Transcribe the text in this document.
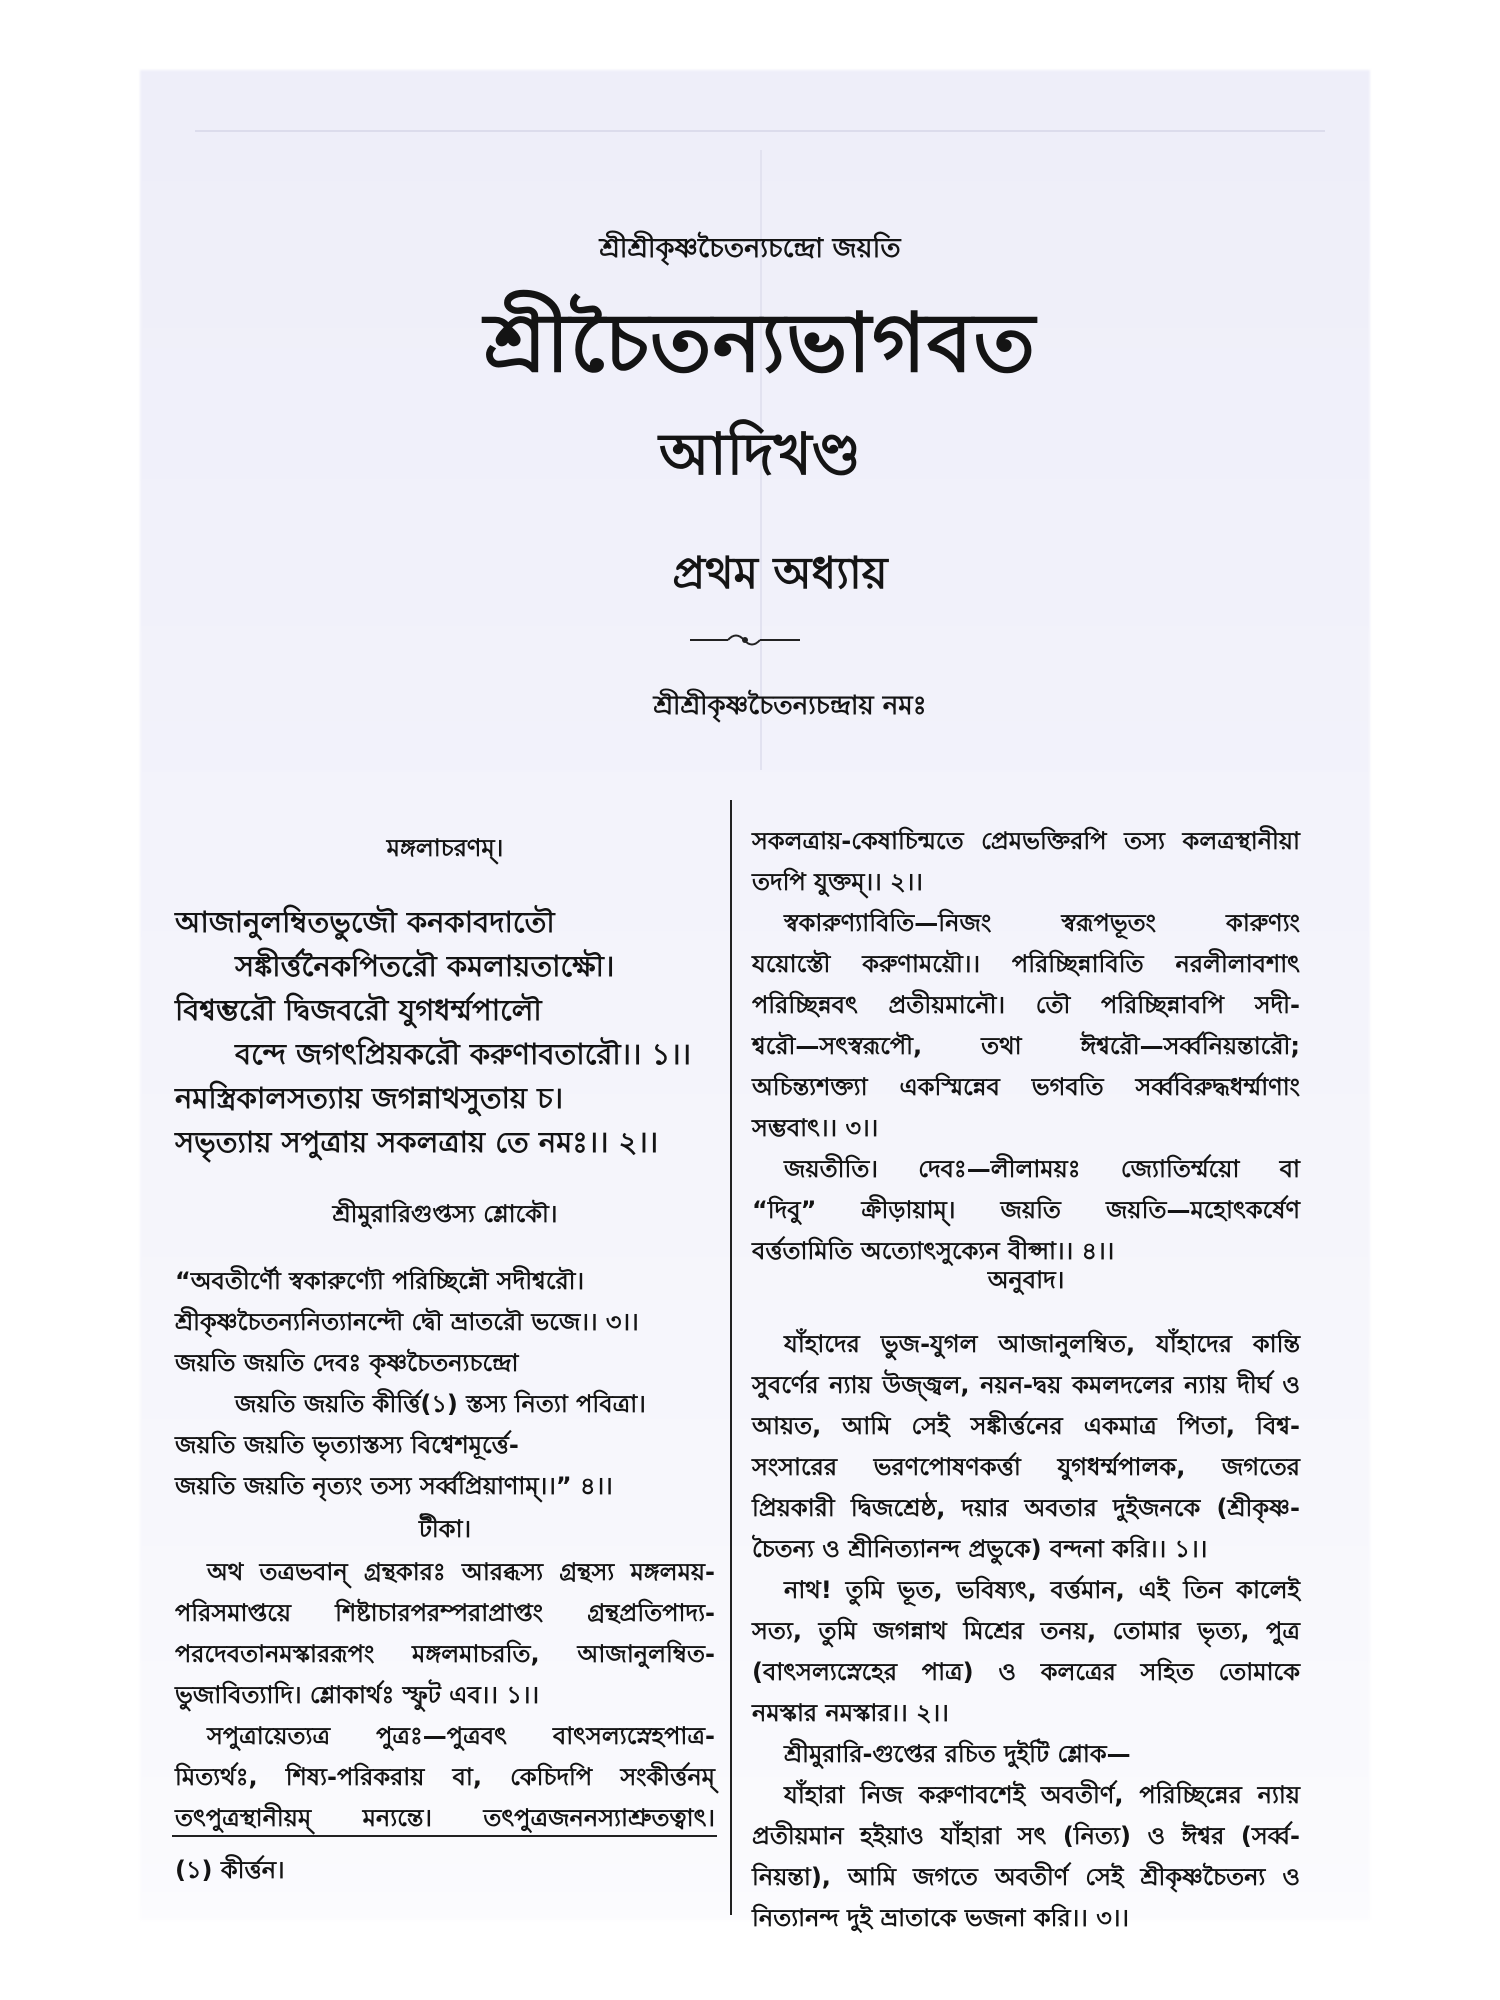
শ্রীশ্রীকৃষ্ণচৈতন্যচন্দ্রো জয়তি
শ্রীচৈতন্যভাগবত
আদিখণ্ড
প্রথম অধ্যায়
শ্রীশ্রীকৃষ্ণচৈতন্যচন্দ্রায় নমঃ
মঙ্গলাচরণম্।
আজানুলম্বিতভুজৌ কনকাবদাতৌ
সঙ্কীর্ত্তনৈকপিতরৌ কমলায়তাক্ষৌ।
বিশ্বম্ভরৌ দ্বিজবরৌ যুগধর্ম্মপালৌ
বন্দে জগৎপ্রিয়করৌ করুণাবতারৌ।। ১।।
নমস্ত্রিকালসত্যায় জগন্নাথসুতায় চ।
সভৃত্যায় সপুত্রায় সকলত্রায় তে নমঃ।। ২।।
শ্রীমুরারিগুপ্তস্য শ্লোকৌ।
“অবতীর্ণৌ স্বকারুণ্যৌ পরিচ্ছিন্নৌ সদীশ্বরৌ।
শ্রীকৃষ্ণচৈতন্যনিত্যানন্দৌ দ্বৌ ভ্রাতরৌ ভজে।। ৩।।
জয়তি জয়তি দেবঃ কৃষ্ণচৈতন্যচন্দ্রো
জয়তি জয়তি কীর্ত্তি(১) স্তস্য নিত্যা পবিত্রা।
জয়তি জয়তি ভৃত্যাস্তস্য বিশ্বেশমূর্ত্তে-
জয়তি জয়তি নৃত্যং তস্য সর্ব্বপ্রিয়াণাম্।।” ৪।।
টীকা।
অথ তত্রভবান্ গ্রন্থকারঃ আরব্ধস্য গ্রন্থস্য মঙ্গলময়-
পরিসমাপ্তয়ে শিষ্টাচারপরম্পরাপ্রাপ্তং গ্রন্থপ্রতিপাদ্য-
পরদেবতানমস্কাররূপং মঙ্গলমাচরতি, আজানুলম্বিত-
ভুজাবিত্যাদি। শ্লোকার্থঃ স্ফুট এব।। ১।।
সপুত্রায়েত্যত্র পুত্রঃ—পুত্রবৎ বাৎসল্যস্নেহপাত্র-
মিত্যর্থঃ, শিষ্য-পরিকরায় বা, কেচিদপি সংকীর্ত্তনম্
তৎপুত্রস্থানীয়ম্ মন্যন্তে। তৎপুত্রজননস্যাশ্রুতত্বাৎ।
(১) কীর্ত্তন।
সকলত্রায়-কেষাচিন্মতে প্রেমভক্তিরপি তস্য কলত্রস্থানীয়া
তদপি যুক্তম্।। ২।।
স্বকারুণ্যাবিতি—নিজং স্বরূপভূতং কারুণ্যং
যয়োস্তৌ করুণাময়ৌ।। পরিচ্ছিন্নাবিতি নরলীলাবশাৎ
পরিচ্ছিন্নবৎ প্রতীয়মানৌ। তৌ পরিচ্ছিন্নাবপি সদী-
শ্বরৌ—সৎস্বরূপৌ, তথা ঈশ্বরৌ—সর্ব্বনিয়ন্তারৌ;
অচিন্ত্যশক্ত্যা একস্মিন্নেব ভগবতি সর্ব্ববিরুদ্ধধর্ম্মাণাং
সম্ভবাৎ।। ৩।।
জয়তীতি। দেবঃ—লীলাময়ঃ জ্যোতির্ম্ময়ো বা
“দিবু” ক্রীড়ায়াম্। জয়তি জয়তি—মহোৎকর্ষেণ
বর্ত্ততামিতি অত্যোৎসুক্যেন বীপ্সা।। ৪।।
অনুবাদ।
যাঁহাদের ভুজ-যুগল আজানুলম্বিত, যাঁহাদের কান্তি
সুবর্ণের ন্যায় উজ্জ্বল, নয়ন-দ্বয় কমলদলের ন্যায় দীর্ঘ ও
আয়ত, আমি সেই সঙ্কীর্ত্তনের একমাত্র পিতা, বিশ্ব-
সংসারের ভরণপোষণকর্ত্তা যুগধর্ম্মপালক, জগতের
প্রিয়কারী দ্বিজশ্রেষ্ঠ, দয়ার অবতার দুইজনকে (শ্রীকৃষ্ণ-
চৈতন্য ও শ্রীনিত্যানন্দ প্রভুকে) বন্দনা করি।। ১।।
নাথ! তুমি ভূত, ভবিষ্যৎ, বর্ত্তমান, এই তিন কালেই
সত্য, তুমি জগন্নাথ মিশ্রের তনয়, তোমার ভৃত্য, পুত্র
(বাৎসল্যস্নেহের পাত্র) ও কলত্রের সহিত তোমাকে
নমস্কার নমস্কার।। ২।।
শ্রীমুরারি-গুপ্তের রচিত দুইটি শ্লোক—
যাঁহারা নিজ করুণাবশেই অবতীর্ণ, পরিচ্ছিন্নের ন্যায়
প্রতীয়মান হইয়াও যাঁহারা সৎ (নিত্য) ও ঈশ্বর (সর্ব্ব-
নিয়ন্তা), আমি জগতে অবতীর্ণ সেই শ্রীকৃষ্ণচৈতন্য ও
নিত্যানন্দ দুই ভ্রাতাকে ভজনা করি।। ৩।।
